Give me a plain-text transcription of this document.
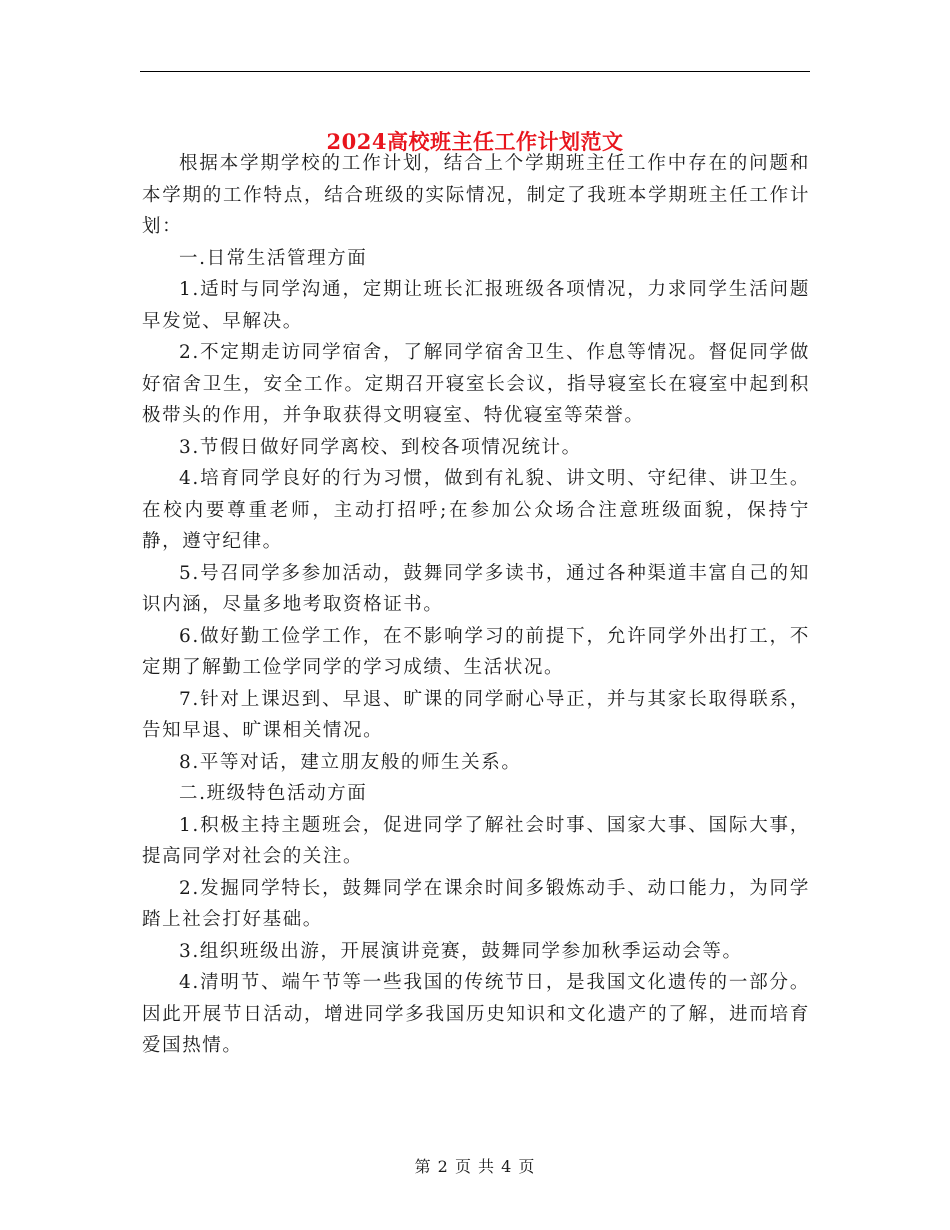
2024高校班主任工作计划范文

根据本学期学校的工作计划，结合上个学期班主任工作中存在的问题和本学期的工作特点，结合班级的实际情况，制定了我班本学期班主任工作计划：

一.日常生活管理方面

1.适时与同学沟通，定期让班长汇报班级各项情况，力求同学生活问题早发觉、早解决。

2.不定期走访同学宿舍，了解同学宿舍卫生、作息等情况。督促同学做好宿舍卫生，安全工作。定期召开寝室长会议，指导寝室长在寝室中起到积极带头的作用，并争取获得文明寝室、特优寝室等荣誉。

3.节假日做好同学离校、到校各项情况统计。

4.培育同学良好的行为习惯，做到有礼貌、讲文明、守纪律、讲卫生。在校内要尊重老师，主动打招呼;在参加公众场合注意班级面貌，保持宁静，遵守纪律。

5.号召同学多参加活动，鼓舞同学多读书，通过各种渠道丰富自己的知识内涵，尽量多地考取资格证书。

6.做好勤工俭学工作，在不影响学习的前提下，允许同学外出打工，不定期了解勤工俭学同学的学习成绩、生活状况。

7.针对上课迟到、早退、旷课的同学耐心导正，并与其家长取得联系，告知早退、旷课相关情况。

8.平等对话，建立朋友般的师生关系。

二.班级特色活动方面

1.积极主持主题班会，促进同学了解社会时事、国家大事、国际大事，提高同学对社会的关注。

2.发掘同学特长，鼓舞同学在课余时间多锻炼动手、动口能力，为同学踏上社会打好基础。

3.组织班级出游，开展演讲竞赛，鼓舞同学参加秋季运动会等。

4.清明节、端午节等一些我国的传统节日，是我国文化遗传的一部分。因此开展节日活动，增进同学多我国历史知识和文化遗产的了解，进而培育爱国热情。

第 2 页 共 4 页
